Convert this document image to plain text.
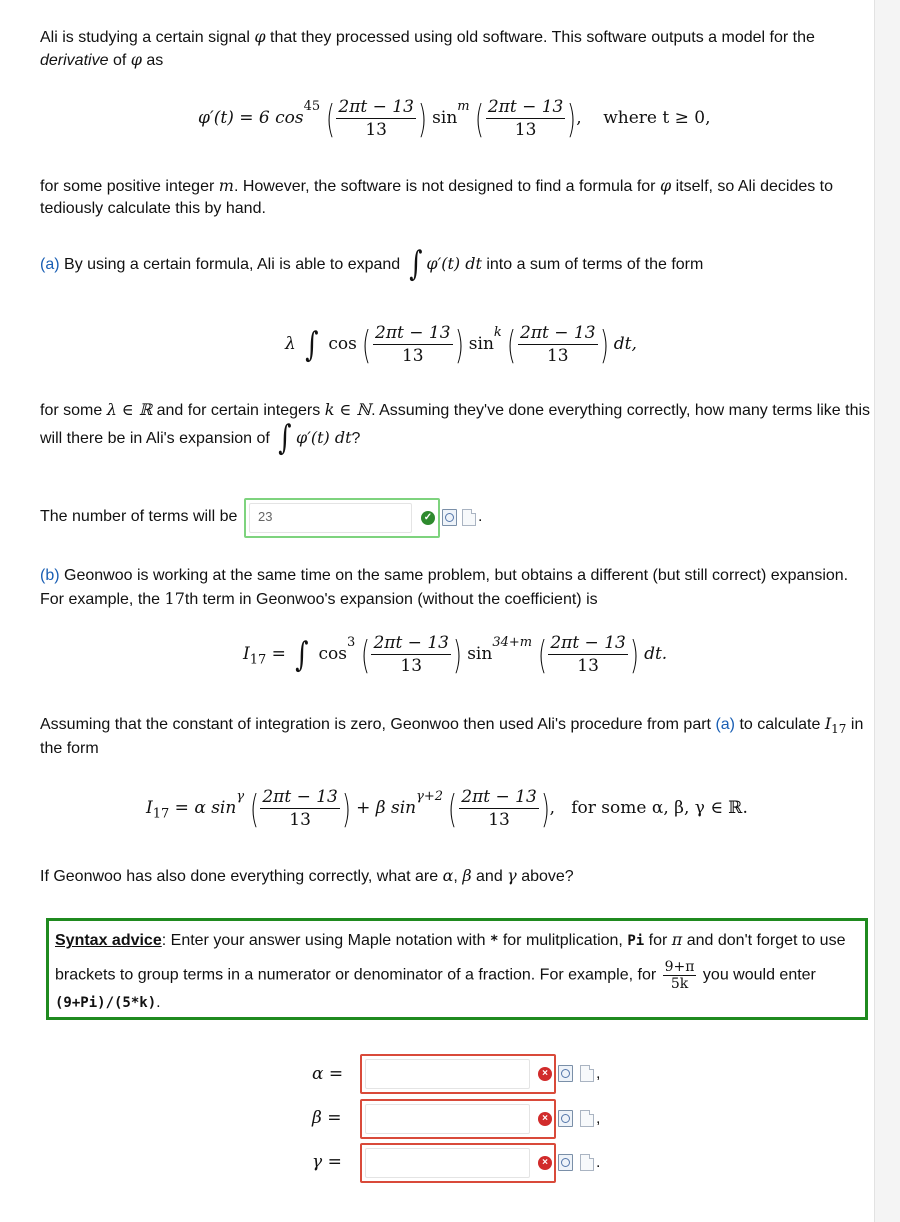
Ali is studying a certain signal φ that they processed using old software. This software outputs a model for the
derivative of φ as
φ′(t) = 6 $\cos^{45}$ ( $\frac{2\pi t - 13}{13}$ ) $\sin^m$ ( $\frac{2\pi t - 13}{13}$ ), where t ≥ 0,
for some positive integer m. However, the software is not designed to find a formula for φ itself, so Ali decides to
tediously calculate this by hand.
(a) By using a certain formula, Ali is able to expand ∫ φ′(t) dt into a sum of terms of the form
λ ∫ cos ( $\frac{2\pi t - 13}{13}$ ) $\sin^k$ ( $\frac{2\pi t - 13}{13}$ ) dt,
for some λ ∈ ℝ and for certain integers k ∈ ℕ. Assuming they've done everything correctly, how many terms like this
will there be in Ali's expansion of ∫ φ′(t) dt?
The number of terms will be	23	✓	.
(b) Geonwoo is working at the same time on the same problem, but obtains a different (but still correct) expansion.
For example, the 17th term in Geonwoo's expansion (without the coefficient) is
$I_{17}$ = ∫ $\cos^3$ ( $\frac{2\pi t - 13}{13}$ ) $\sin^{34+m}$ ( $\frac{2\pi t - 13}{13}$ ) dt.
Assuming that the constant of integration is zero, Geonwoo then used Ali's procedure from part (a) to calculate $I_{17}$ in
the form
$I_{17} = \alpha$ $\sin^\gamma$ ( $\frac{2\pi t - 13}{13}$ ) + β $\sin^{\gamma+2}$ ( $\frac{2\pi t - 13}{13}$ ), for some α, β, γ ∈ ℝ.
If Geonwoo has also done everything correctly, what are α, β and γ above?
Syntax advice: Enter your answer using Maple notation with * for mulitplication, Pi for π and don't forget to use
brackets to group terms in a numerator or denominator of a fraction. For example, for $\frac{9+\pi}{5k}$ you would enter
(9+Pi)/(5*k).
α =	×	,
β =	×	,
γ =	×	.
